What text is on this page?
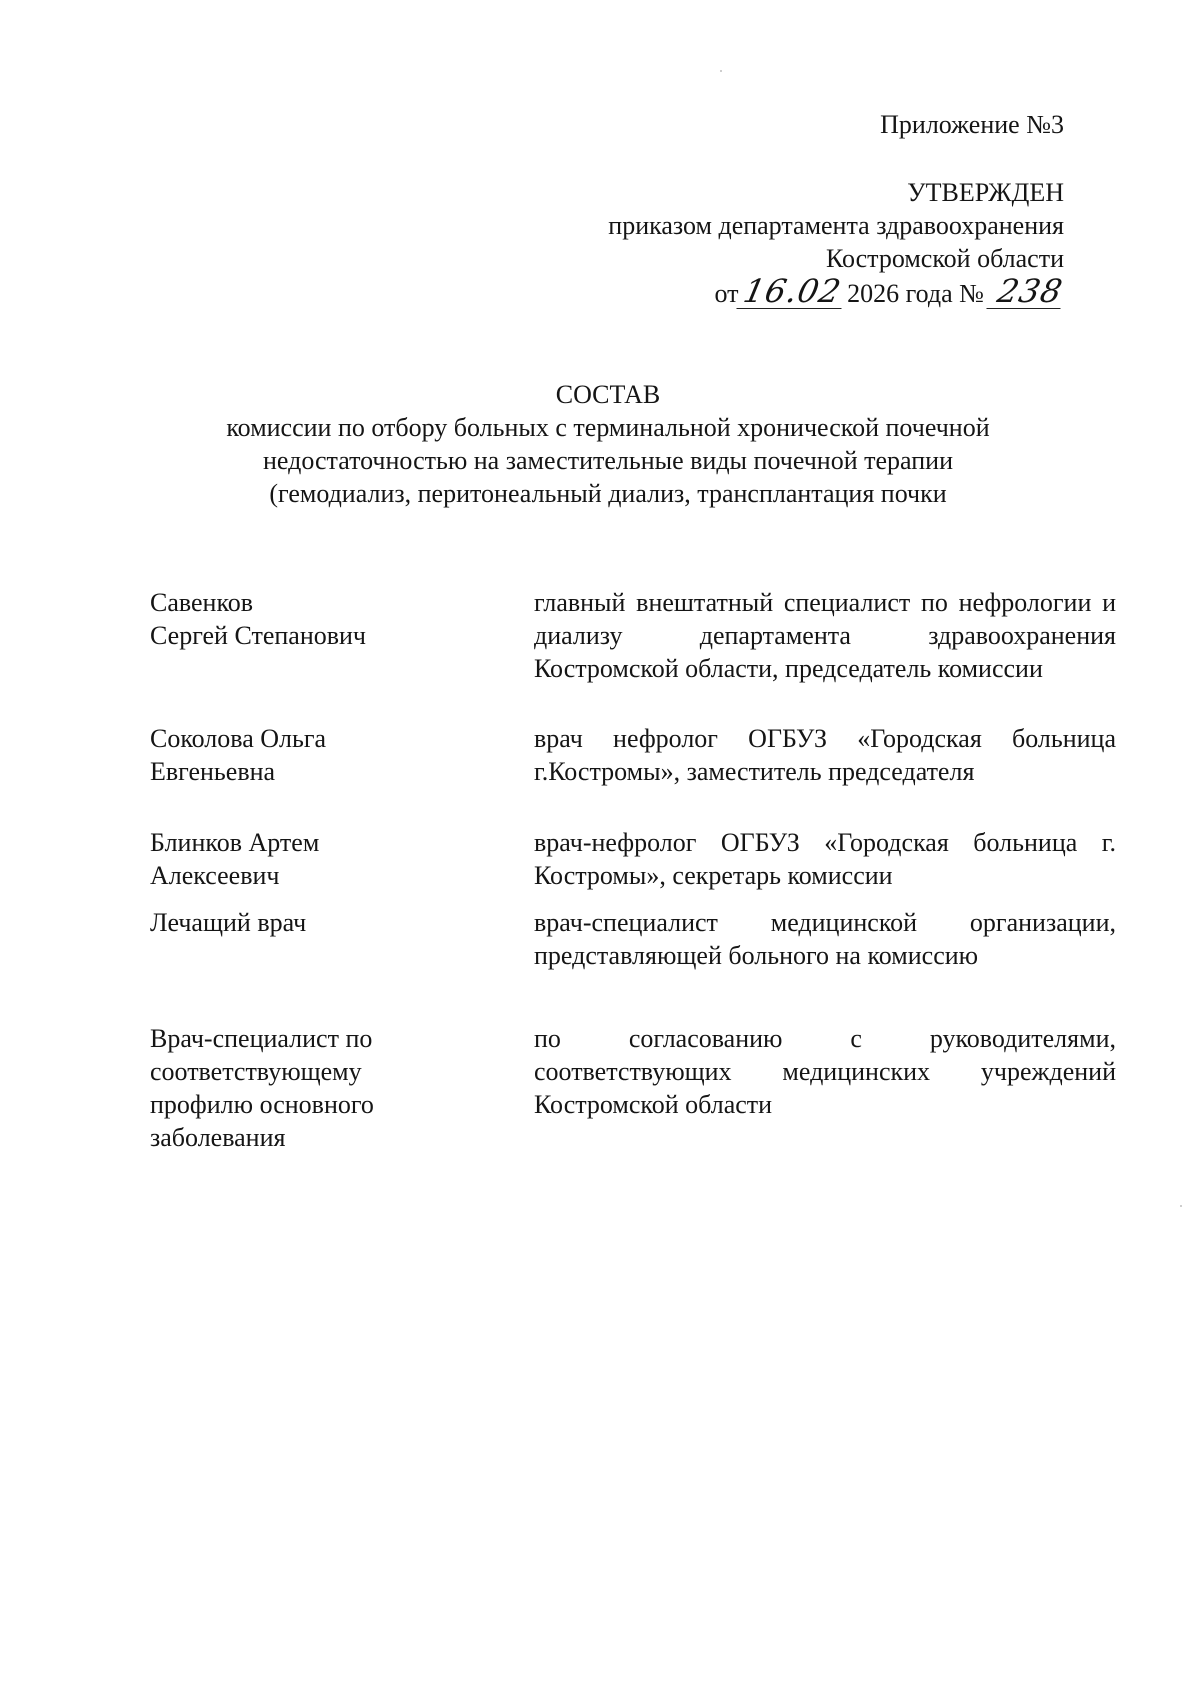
Приложение №3
УТВЕРЖДЕН
приказом департамента здравоохранения
Костромской области
от16.022026 года № 238
СОСТАВ
комиссии по отбору больных с терминальной хронической почечной
недостаточностью на заместительные виды почечной терапии
(гемодиализ, перитонеальный диализ, трансплантация почки
Савенков
Сергей Степанович
главный внештатный специалист по нефрологии и диализу департамента здравоохранения Костромской области, председатель комиссии
Соколова Ольга
Евгеньевна
врач нефролог ОГБУЗ «Городская больница г.Костромы», заместитель председателя
Блинков Артем
Алексеевич
врач-нефролог ОГБУЗ «Городская больница г. Костромы», секретарь комиссии
Лечащий врач	врач-специалист медицинской организации, представляющей больного на комиссию
Врач-специалист по
соответствующему
профилю основного
заболевания
по согласованию с руководителями, соответствующих медицинских учреждений Костромской области
